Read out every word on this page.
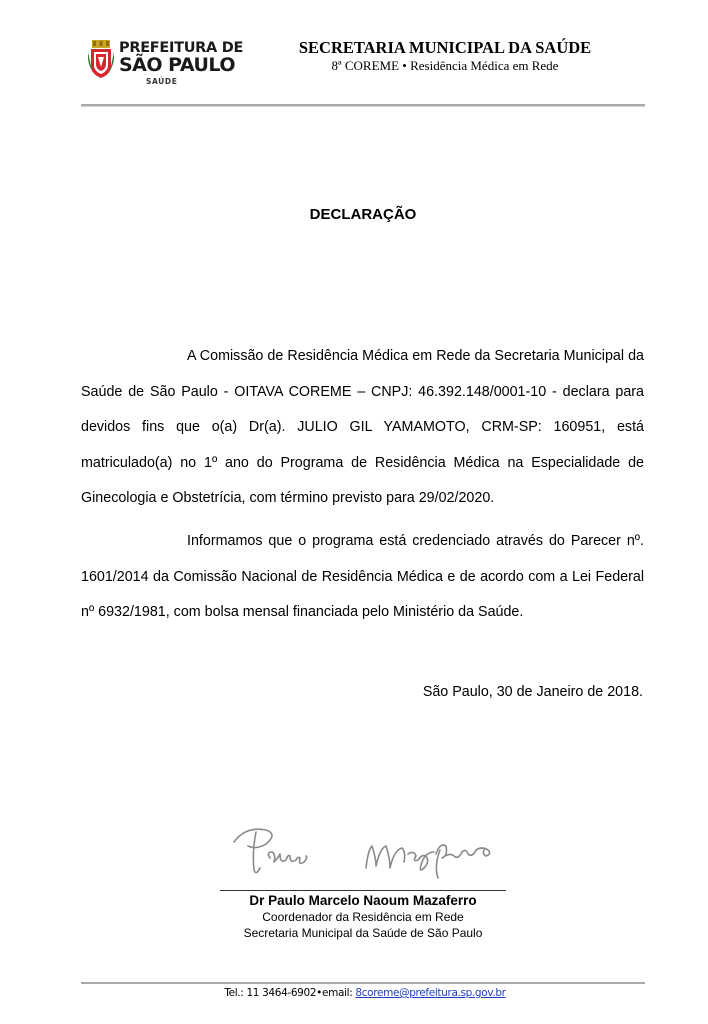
PREFEITURA DE
SÃO PAULO
SAÚDE
SECRETARIA MUNICIPAL DA SAÚDE
8ª COREME • Residência Médica em Rede
DECLARAÇÃO

A Comissão de Residência Médica em Rede da Secretaria Municipal da Saúde de São Paulo - OITAVA COREME – CNPJ: 46.392.148/0001-10 - declara para devidos fins que o(a) Dr(a). JULIO GIL YAMAMOTO, CRM-SP: 160951, está matriculado(a) no 1º ano do Programa de Residência Médica na Especialidade de Ginecologia e Obstetrícia, com término previsto para 29/02/2020.

Informamos que o programa está credenciado através do Parecer nº. 1601/2014 da Comissão Nacional de Residência Médica e de acordo com a Lei Federal nº 6932/1981, com bolsa mensal financiada pelo Ministério da Saúde.

São Paulo, 30 de Janeiro de 2018.
Dr Paulo Marcelo Naoum Mazaferro
Coordenador da Residência em Rede
Secretaria Municipal da Saúde de São Paulo
Tel.: 11 3464-6902•email: 8coreme@prefeitura.sp.gov.br
